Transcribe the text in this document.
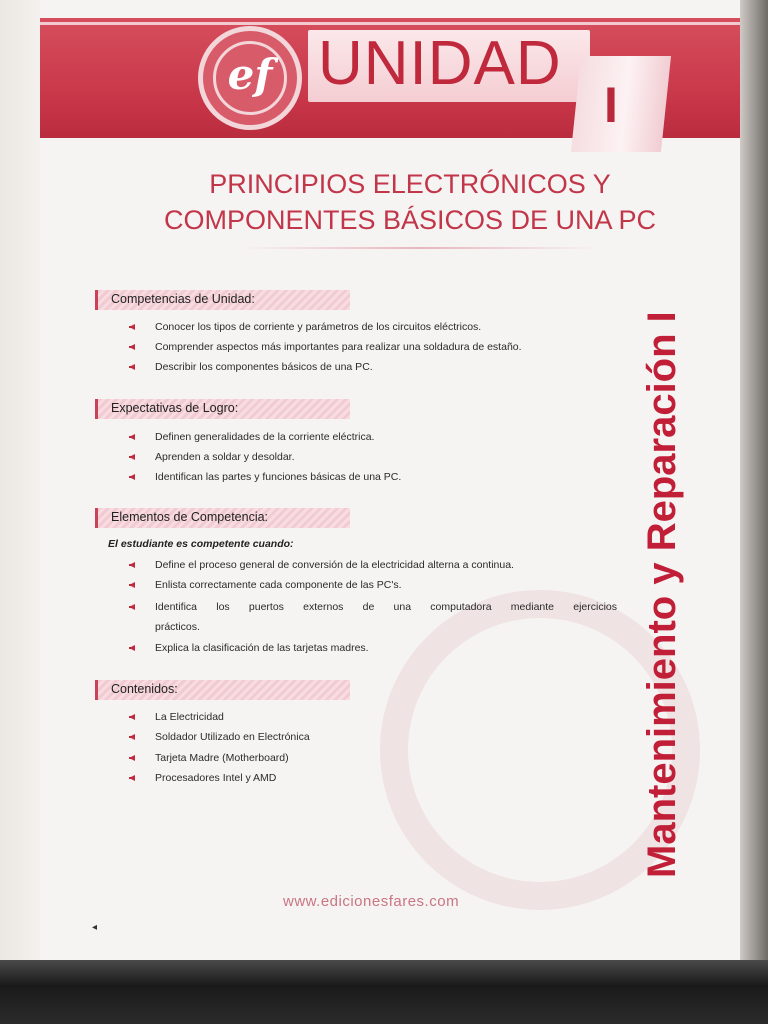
ef UNIDAD
I
PRINCIPIOS ELECTRÓNICOS Y
COMPONENTES BÁSICOS DE UNA PC
Mantenimiento y Reparación I
Competencias de Unidad:
Conocer los tipos de corriente y parámetros de los circuitos eléctricos.
Comprender aspectos más importantes para realizar una soldadura de estaño.
Describir los componentes básicos de una PC.
Expectativas de Logro:
Definen generalidades de la corriente eléctrica.
Aprenden a soldar y desoldar.
Identifican las partes y funciones básicas de una PC.
Elementos de Competencia:
El estudiante es competente cuando:
Define el proceso general de conversión de la electricidad alterna a continua.
Enlista correctamente cada componente de las PC's.
Identifica los puertos externos de una computadora mediante ejercicios
prácticos.
Explica la clasificación de las tarjetas madres.
Contenidos:
La Electricidad
Soldador Utilizado en Electrónica
Tarjeta Madre (Motherboard)
Procesadores Intel y AMD
www.edicionesfares.com
◂
